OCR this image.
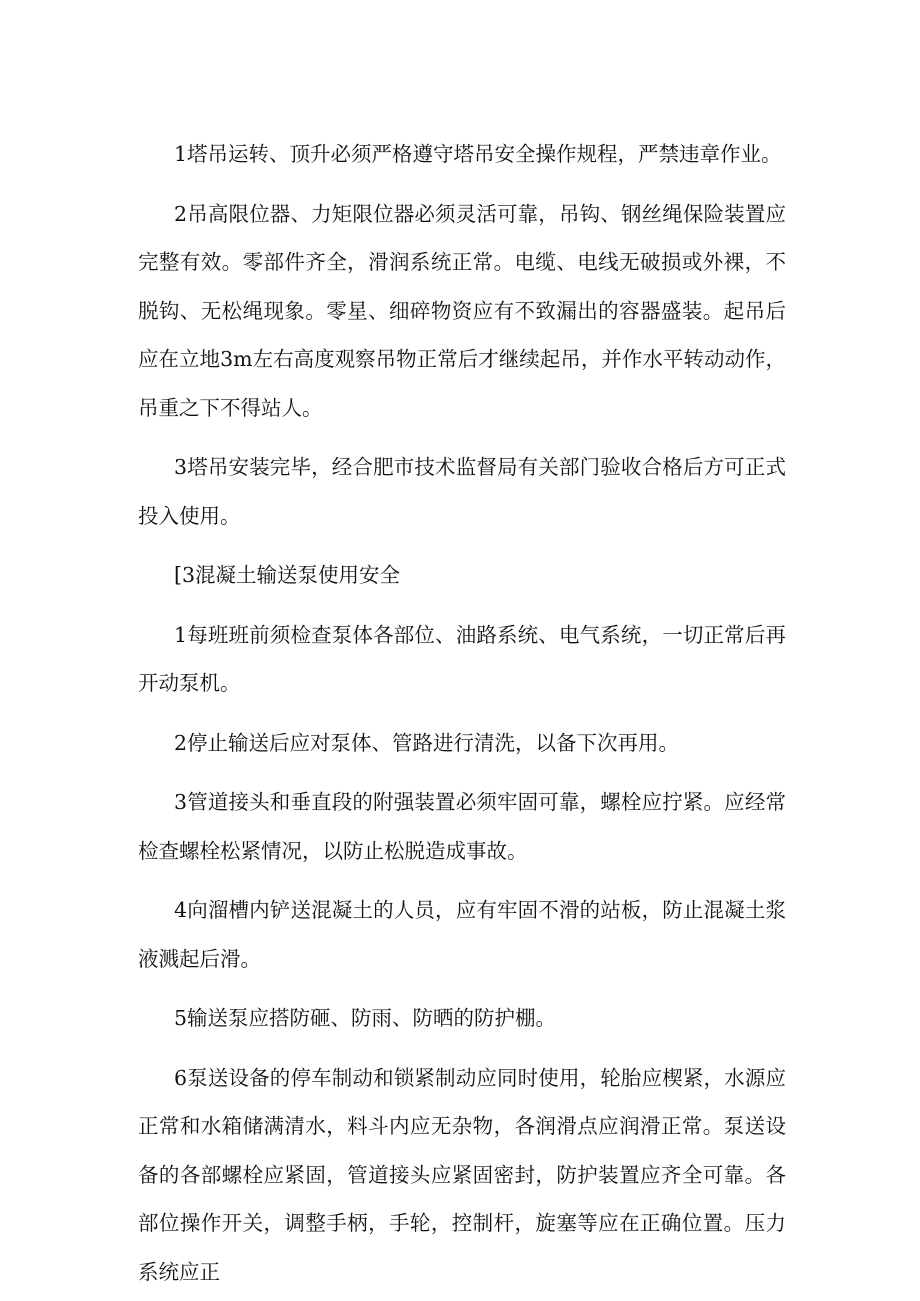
1塔吊运转、顶升必须严格遵守塔吊安全操作规程，严禁违章作业。

2吊高限位器、力矩限位器必须灵活可靠，吊钩、钢丝绳保险装置应完整有效。零部件齐全，滑润系统正常。电缆、电线无破损或外裸，不脱钩、无松绳现象。零星、细碎物资应有不致漏出的容器盛装。起吊后应在立地3m左右高度观察吊物正常后才继续起吊，并作水平转动动作，吊重之下不得站人。

3塔吊安装完毕，经合肥市技术监督局有关部门验收合格后方可正式投入使用。

[3混凝土输送泵使用安全

1每班班前须检查泵体各部位、油路系统、电气系统，一切正常后再开动泵机。

2停止输送后应对泵体、管路进行清洗，以备下次再用。

3管道接头和垂直段的附强装置必须牢固可靠，螺栓应拧紧。应经常检查螺栓松紧情况，以防止松脱造成事故。

4向溜槽内铲送混凝土的人员，应有牢固不滑的站板，防止混凝土浆液溅起后滑。

5输送泵应搭防砸、防雨、防晒的防护棚。

6泵送设备的停车制动和锁紧制动应同时使用，轮胎应楔紧，水源应正常和水箱储满清水，料斗内应无杂物，各润滑点应润滑正常。泵送设备的各部螺栓应紧固，管道接头应紧固密封，防护装置应齐全可靠。各部位操作开关，调整手柄，手轮，控制杆，旋塞等应在正确位置。压力系统应正
